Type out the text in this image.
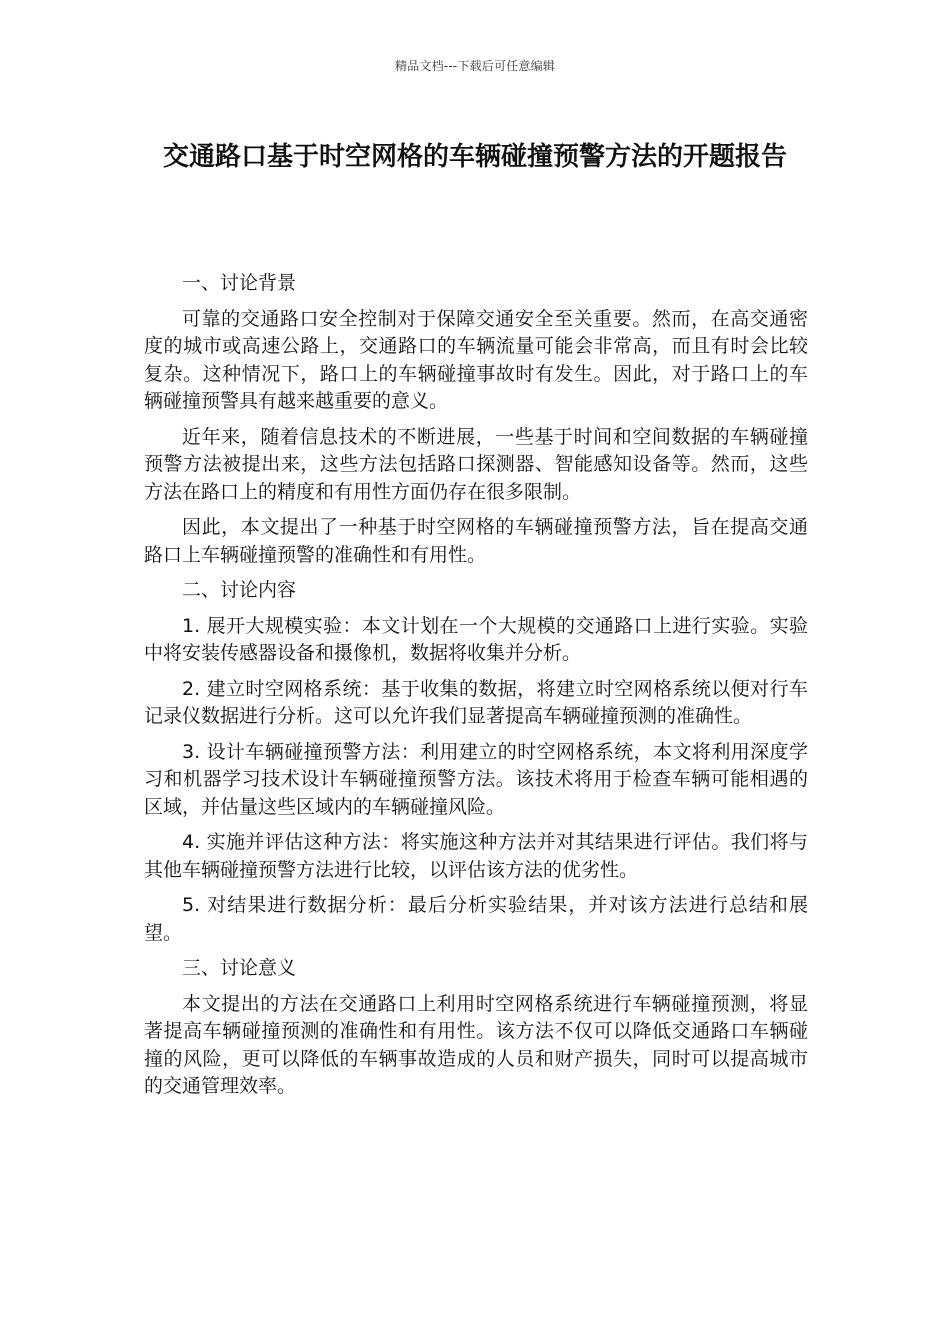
精品文档---下载后可任意编辑
交通路口基于时空网格的车辆碰撞预警方法的开题报告
一、讨论背景

可靠的交通路口安全控制对于保障交通安全至关重要。然而，在高交通密度的城市或高速公路上，交通路口的车辆流量可能会非常高，而且有时会比较复杂。这种情况下，路口上的车辆碰撞事故时有发生。因此，对于路口上的车辆碰撞预警具有越来越重要的意义。

近年来，随着信息技术的不断进展，一些基于时间和空间数据的车辆碰撞预警方法被提出来，这些方法包括路口探测器、智能感知设备等。然而，这些方法在路口上的精度和有用性方面仍存在很多限制。

因此，本文提出了一种基于时空网格的车辆碰撞预警方法，旨在提高交通路口上车辆碰撞预警的准确性和有用性。

二、讨论内容

1. 展开大规模实验：本文计划在一个大规模的交通路口上进行实验。实验中将安装传感器设备和摄像机，数据将收集并分析。

2. 建立时空网格系统：基于收集的数据，将建立时空网格系统以便对行车记录仪数据进行分析。这可以允许我们显著提高车辆碰撞预测的准确性。

3. 设计车辆碰撞预警方法：利用建立的时空网格系统，本文将利用深度学习和机器学习技术设计车辆碰撞预警方法。该技术将用于检查车辆可能相遇的区域，并估量这些区域内的车辆碰撞风险。

4. 实施并评估这种方法：将实施这种方法并对其结果进行评估。我们将与其他车辆碰撞预警方法进行比较，以评估该方法的优劣性。

5. 对结果进行数据分析：最后分析实验结果，并对该方法进行总结和展望。

三、讨论意义

本文提出的方法在交通路口上利用时空网格系统进行车辆碰撞预测，将显著提高车辆碰撞预测的准确性和有用性。该方法不仅可以降低交通路口车辆碰撞的风险，更可以降低的车辆事故造成的人员和财产损失，同时可以提高城市的交通管理效率。
